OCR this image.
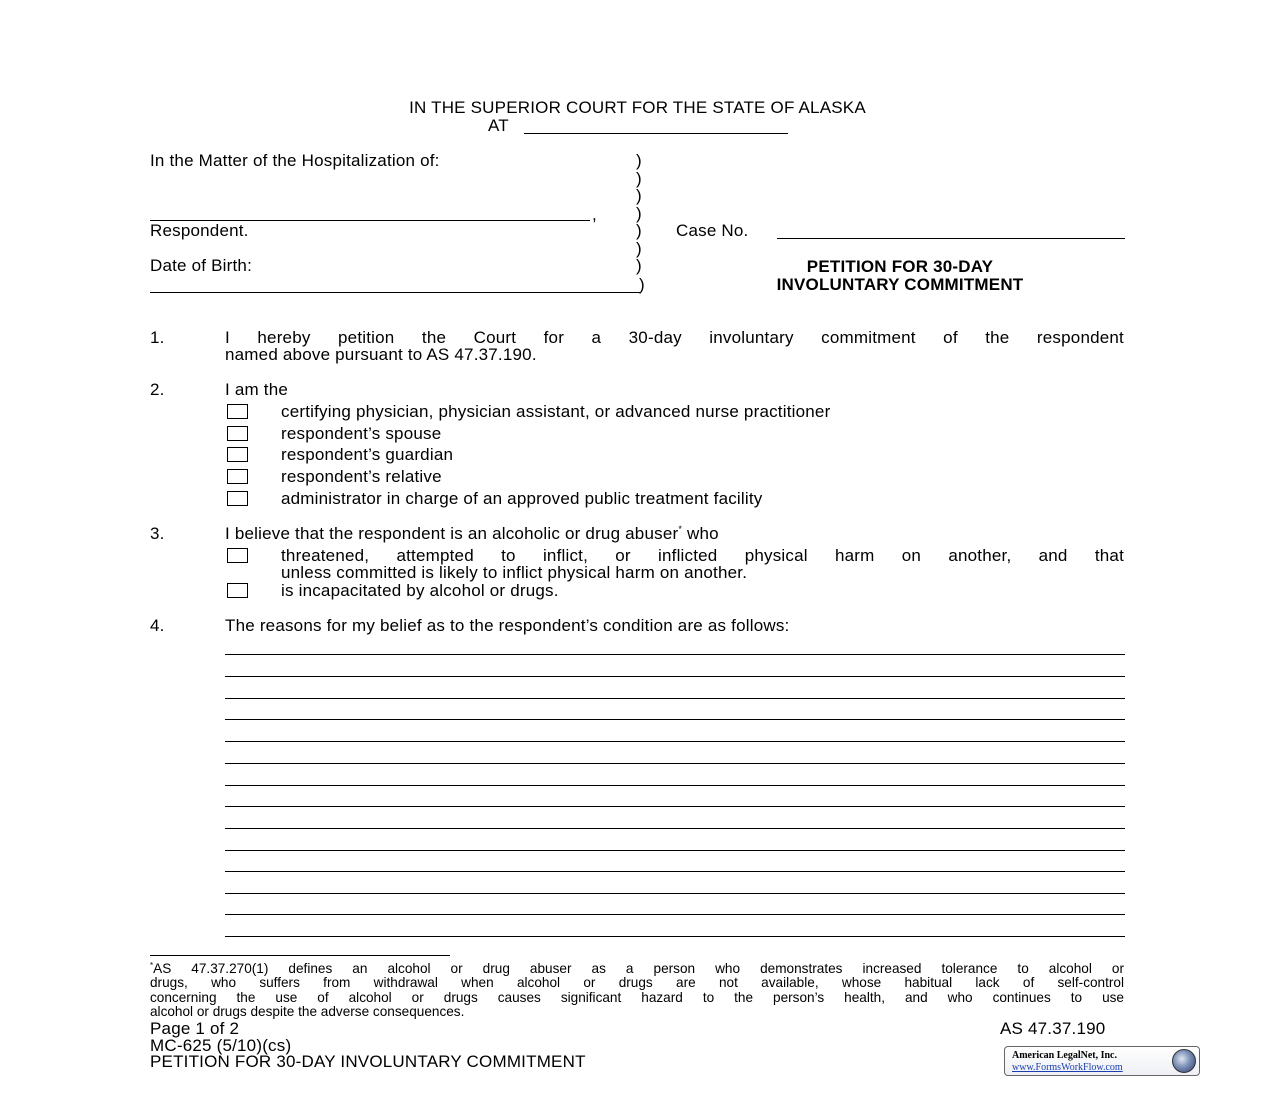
IN THE SUPERIOR COURT FOR THE STATE OF ALASKA
AT
In the Matter of the Hospitalization of:
,
Respondent.
Date of Birth:
)
)
)
)
)
)
)
)
Case No.
PETITION FOR 30-DAY
INVOLUNTARY COMMITMENT
1.	I hereby petition the Court for a 30-day involuntary commitment of the respondent
named above pursuant to AS 47.37.190.
2.	I am the
certifying physician, physician assistant, or advanced nurse practitioner
respondent’s spouse
respondent’s guardian
respondent’s relative
administrator in charge of an approved public treatment facility
3.	I believe that the respondent is an alcoholic or drug abuser* who
threatened, attempted to inflict, or inflicted physical harm on another, and that
unless committed is likely to inflict physical harm on another.
is incapacitated by alcohol or drugs.
4.	The reasons for my belief as to the respondent’s condition are as follows:
*AS 47.37.270(1) defines an alcohol or drug abuser as a person who demonstrates increased tolerance to alcohol or
drugs, who suffers from withdrawal when alcohol or drugs are not available, whose habitual lack of self-control
concerning the use of alcohol or drugs causes significant hazard to the person’s health, and who continues to use
alcohol or drugs despite the adverse consequences.
Page 1 of 2	AS 47.37.190
MC-625 (5/10)(cs)
PETITION FOR 30-DAY INVOLUNTARY COMMITMENT	American LegalNet, Inc.
www.FormsWorkFlow.com
